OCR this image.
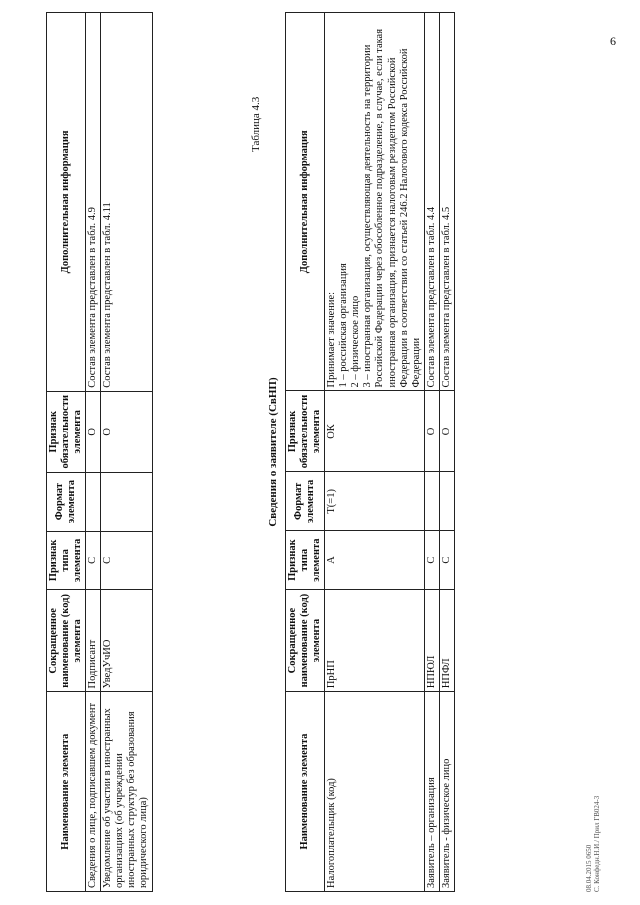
6
Наименование элемента	Сокращенное наименование (код) элемента	Признак типа элемента	Формат элемента	Признак обязательности элемента	Дополнительная информация
Сведения о лице, подписавшем документ	Подписант	С		О	Состав элемента представлен в табл. 4.9
Уведомление об участии в иностранных организациях (об учреждении иностранных структур без образования юридического лица)	УведУчИО	С		О	Состав элемента представлен в табл. 4.11
Таблица 4.3
Сведения о заявителе (СвНП)
Наименование элемента	Сокращенное наименование (код) элемента	Признак типа элемента	Формат элемента	Признак обязательности элемента	Дополнительная информация
Налогоплательщик (код)	ПрНП	А	T(=1)	ОК	Принимает значение: 1 – российская организация 2 – физическое лицо 3 – иностранная организация, осуществляющая деятельность на территории Российской Федерации через обособленное подразделение, в случае, если такая иностранная организация, признается налоговым резидентом Российской Федерации в соответствии со статьей 246.2 Налогового кодекса Российской Федерации

Заявитель – организация	НПЮЛ	С		О	Состав элемента представлен в табл. 4.4
Заявитель - физическое лицо	НПФЛ	С		О	Состав элемента представлен в табл. 4.5
08.04.2015 0650 С. Конфедн.Н.И./ Прил ГВ024-3
